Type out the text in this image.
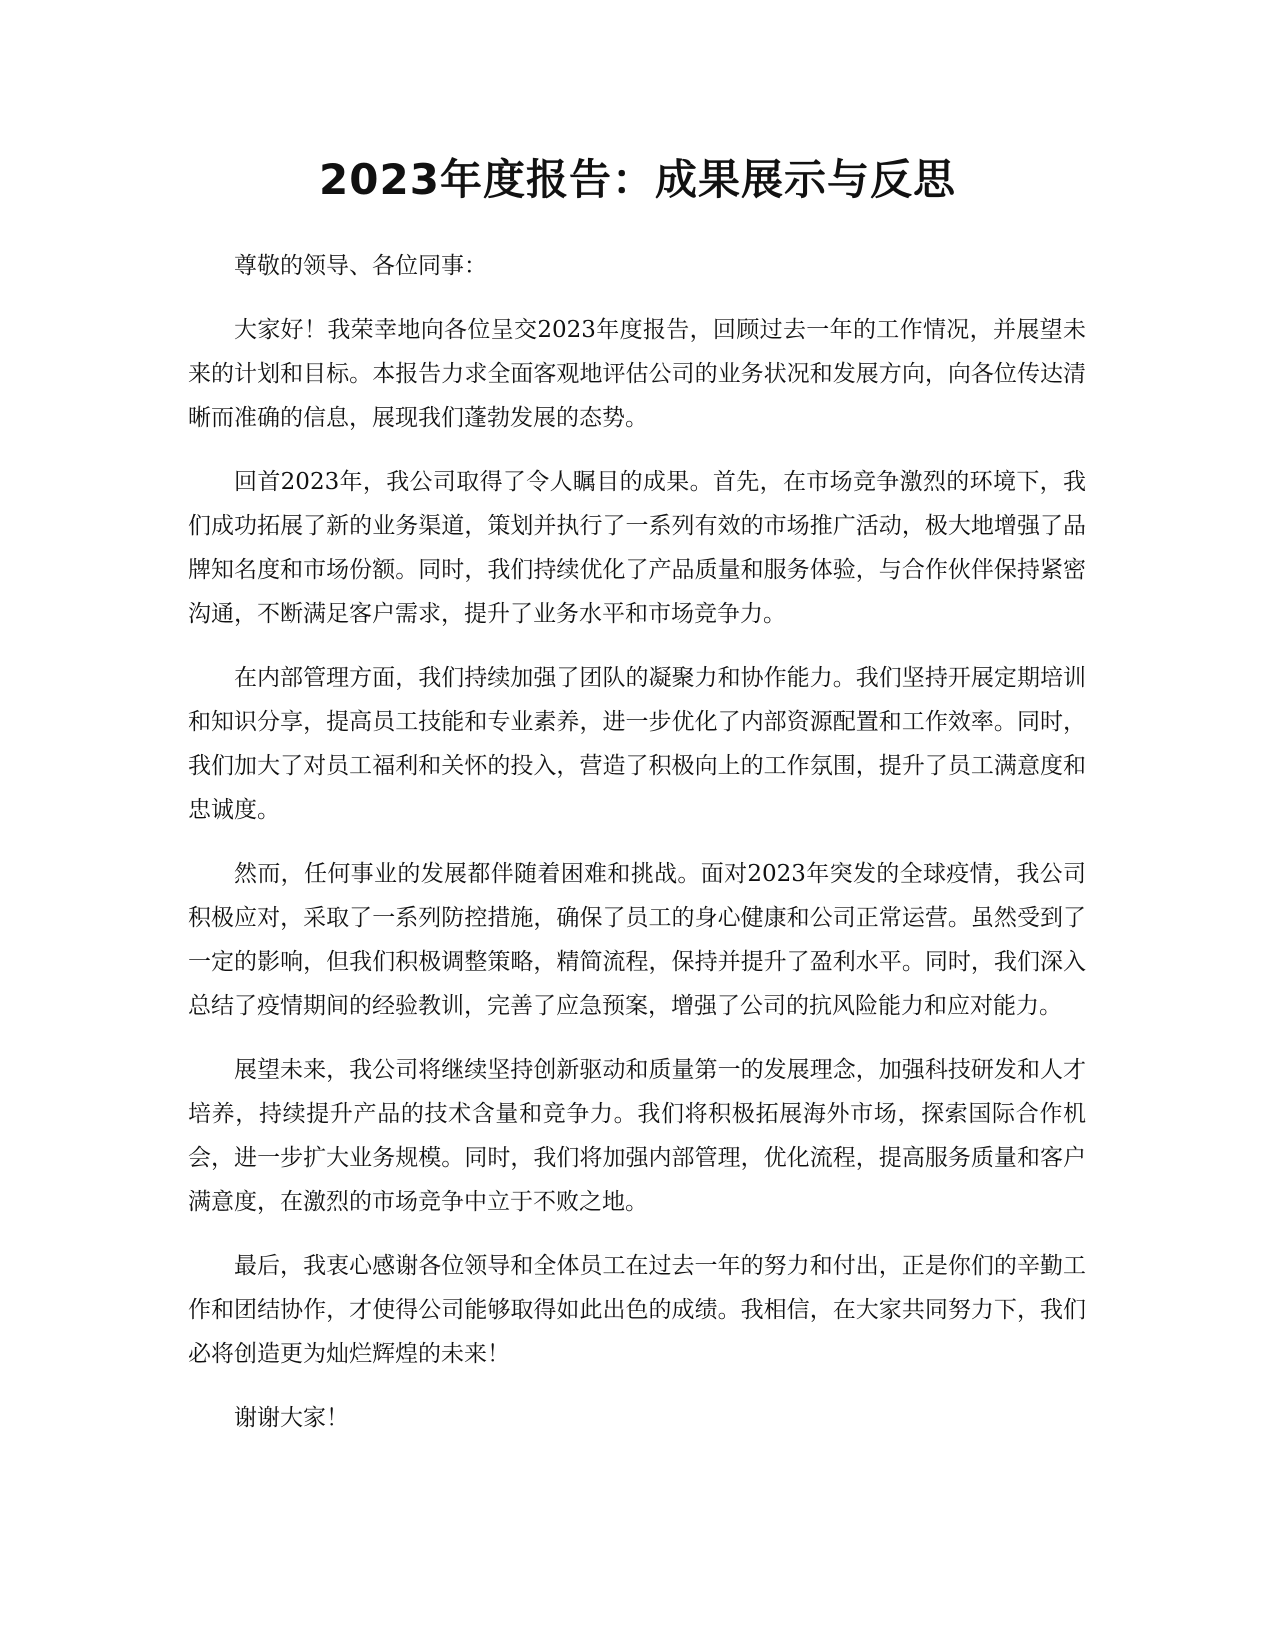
2023年度报告：成果展示与反思

尊敬的领导、各位同事：

大家好！我荣幸地向各位呈交2023年度报告，回顾过去一年的工作情况，并展望未来的计划和目标。本报告力求全面客观地评估公司的业务状况和发展方向，向各位传达清晰而准确的信息，展现我们蓬勃发展的态势。

回首2023年，我公司取得了令人瞩目的成果。首先，在市场竞争激烈的环境下，我们成功拓展了新的业务渠道，策划并执行了一系列有效的市场推广活动，极大地增强了品牌知名度和市场份额。同时，我们持续优化了产品质量和服务体验，与合作伙伴保持紧密沟通，不断满足客户需求，提升了业务水平和市场竞争力。

在内部管理方面，我们持续加强了团队的凝聚力和协作能力。我们坚持开展定期培训和知识分享，提高员工技能和专业素养，进一步优化了内部资源配置和工作效率。同时，我们加大了对员工福利和关怀的投入，营造了积极向上的工作氛围，提升了员工满意度和忠诚度。

然而，任何事业的发展都伴随着困难和挑战。面对2023年突发的全球疫情，我公司积极应对，采取了一系列防控措施，确保了员工的身心健康和公司正常运营。虽然受到了一定的影响，但我们积极调整策略，精简流程，保持并提升了盈利水平。同时，我们深入总结了疫情期间的经验教训，完善了应急预案，增强了公司的抗风险能力和应对能力。

展望未来，我公司将继续坚持创新驱动和质量第一的发展理念，加强科技研发和人才培养，持续提升产品的技术含量和竞争力。我们将积极拓展海外市场，探索国际合作机会，进一步扩大业务规模。同时，我们将加强内部管理，优化流程，提高服务质量和客户满意度，在激烈的市场竞争中立于不败之地。

最后，我衷心感谢各位领导和全体员工在过去一年的努力和付出，正是你们的辛勤工作和团结协作，才使得公司能够取得如此出色的成绩。我相信，在大家共同努力下，我们必将创造更为灿烂辉煌的未来！

谢谢大家！
